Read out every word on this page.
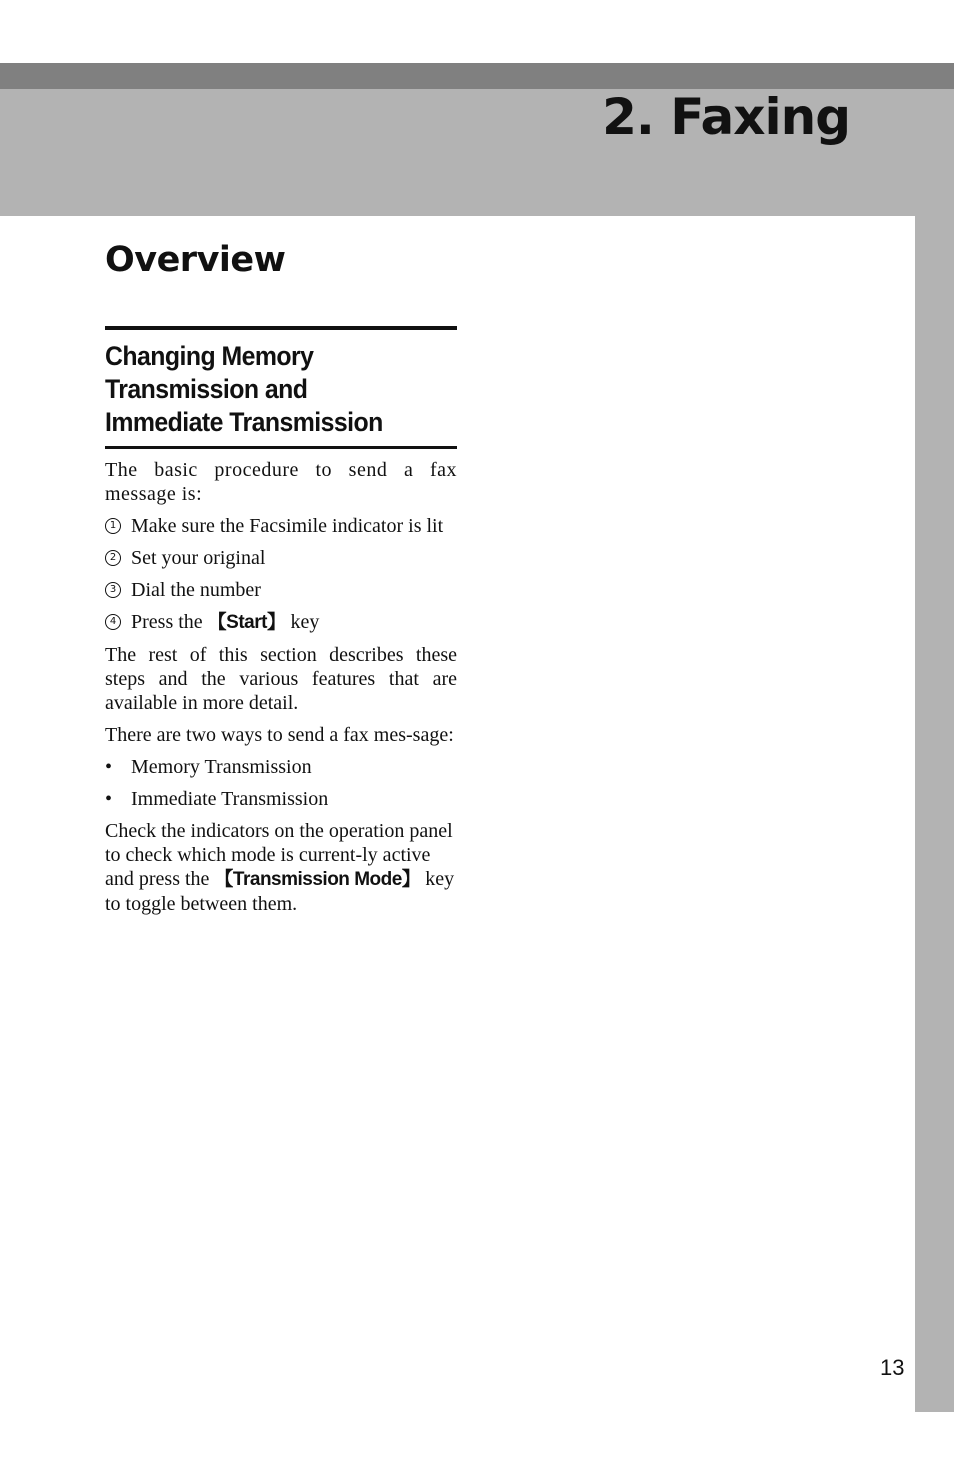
2. Faxing
Overview
Changing Memory Transmission and Immediate Transmission

The basic procedure to send a fax message is:

1 Make sure the Facsimile indicator is lit
2 Set your original
3 Dial the number
4 Press the 【Start】 key

The rest of this section describes these steps and the various features that are available in more detail.

There are two ways to send a fax mes-sage:

• Memory Transmission
• Immediate Transmission

Check the indicators on the operation panel to check which mode is current-ly active and press the 【Transmission Mode】 key to toggle between them.

13
